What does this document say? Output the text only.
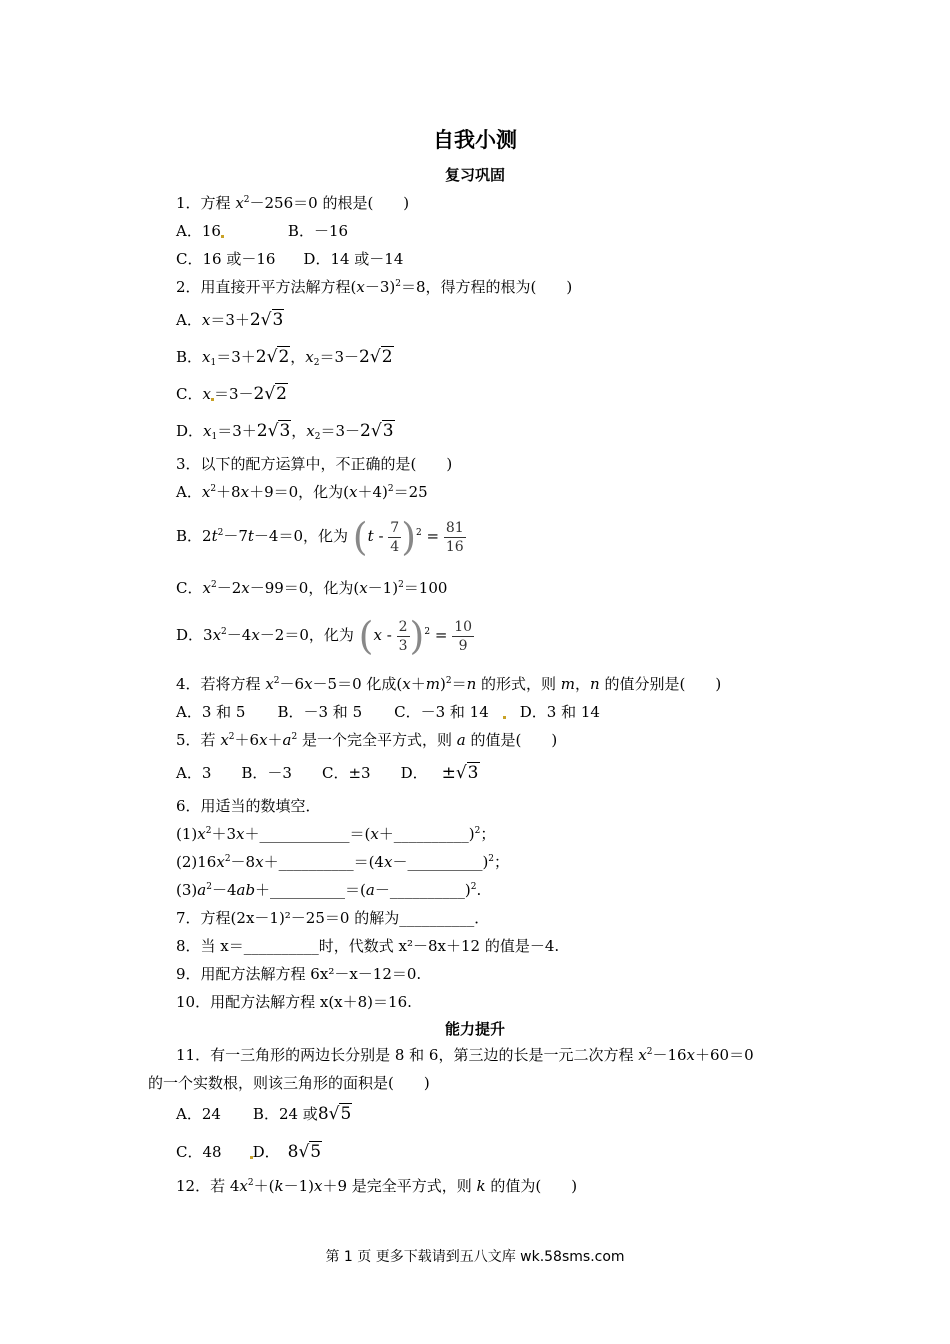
自我小测
复习巩固
1．方程 $x^2-256=0$ 的根是(　　)
A．16	B．－16
C．16 或－16 D．14 或－14
2．用直接开平方法解方程$(x-3)^2=8$，得方程的根为(　　)
A．x＝3＋2√3
B．$x_1=3+2√2$，$x_2=3-2√2$
C．x ＝3－2√2
D．$x_1=3+2√3$，$x_2=3-2√3$
3．以下的配方运算中，不正确的是(　　)
A．$x^2+8x+9=0$，化为$(x+4)^2=25$
B．$2t^2-7t-4=0$，化为 $(t - \frac{7}{4} )^2 = \frac{81}{16}$
C．$x^2-2x-99=0$，化为$(x-1)^2=100$
D．$3x^2-4x-2=0$，化为 $(x - \frac{2}{3} )^2 = \frac{10}{9}$
4．若将方程 $x^2-6x-5=0$ 化成$(x+m)^2=n$ 的形式，则 m，n 的值分别是(　　)
A．3 和 5 B．－3 和 5 C．－3 和 14 D．3 和 14
5．若 $x^2+6x+a^2$ 是一个完全平方式，则 a 的值是(　　)
A．3 B．－3 C．±3 D． ±√3
6．用适当的数填空．
$(1)x^2+3x+\_\_\_\_\_\_\_\_\_\_\_\_=(x+\_\_\_\_\_\_\_\_\_\_)^2$；
$(2)16x^2-8x+\_\_\_\_\_\_\_\_\_\_=(4x-\_\_\_\_\_\_\_\_\_\_)^2$；
$(3)a^2-4ab+\_\_\_\_\_\_\_\_\_\_=(a-\_\_\_\_\_\_\_\_\_\_)^2$.
7．方程(2x－1)²－25＝0 的解为__________．
8．当 x＝__________时，代数式 x²－8x＋12 的值是－4.
9．用配方法解方程 6x²－x－12＝0.
10．用配方法解方程 x(x＋8)＝16.
能力提升
11．有一三角形的两边长分别是 8 和 6，第三边的长是一元二次方程 $x^2-16x+60=0$
的一个实数根，则该三角形的面积是(　　)
A．24 B．24 或8√5
C．48 D． 8√5
12．若 $4x^2+(k-1)x+9$ 是完全平方式，则 k 的值为(　　)
第 1 页 更多下载请到五八文库 wk.58sms.com
